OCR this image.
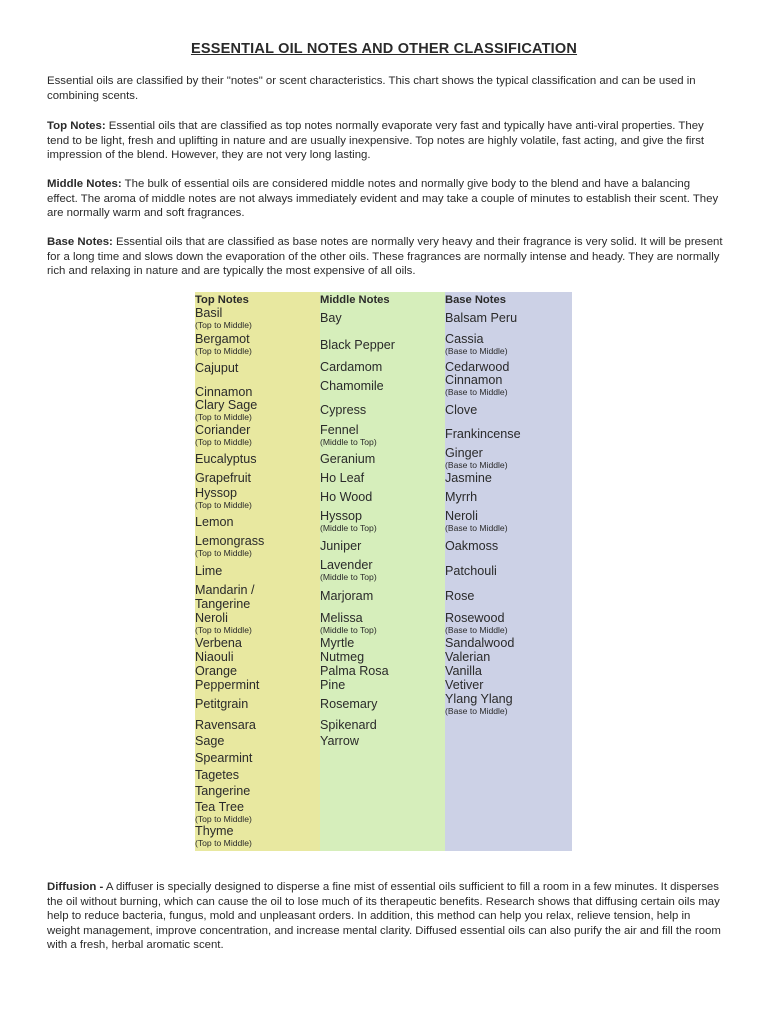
ESSENTIAL OIL NOTES AND OTHER CLASSIFICATION

Essential oils are classified by their "notes" or scent characteristics. This chart shows the typical classification and can be used in combining scents.

Top Notes: Essential oils that are classified as top notes normally evaporate very fast and typically have anti-viral properties. They tend to be light, fresh and uplifting in nature and are usually inexpensive. Top notes are highly volatile, fast acting, and give the first impression of the blend. However, they are not very long lasting.

Middle Notes: The bulk of essential oils are considered middle notes and normally give body to the blend and have a balancing effect. The aroma of middle notes are not always immediately evident and may take a couple of minutes to establish their scent. They are normally warm and soft fragrances.

Base Notes: Essential oils that are classified as base notes are normally very heavy and their fragrance is very solid. It will be present for a long time and slows down the evaporation of the other oils. These fragrances are normally intense and heady. They are normally rich and relaxing in nature and are typically the most expensive of all oils.

Top Notes
Basil
(Top to Middle)
Bergamot
(Top to Middle)
Cajuput
Cinnamon
Clary Sage
(Top to Middle)
Coriander
(Top to Middle)
Eucalyptus
Grapefruit
Hyssop
(Top to Middle)
Lemon
Lemongrass
(Top to Middle)
Lime
Mandarin /
Tangerine
Neroli
(Top to Middle)
Verbena
Niaouli
Orange
Peppermint
Petitgrain
Ravensara
Sage
Spearmint
Tagetes
Tangerine
Tea Tree
(Top to Middle)
Thyme
(Top to Middle)
Middle Notes
Bay
Black Pepper
Cardamom
Chamomile
Cypress
Fennel
(Middle to Top)
Geranium
Ho Leaf
Ho Wood
Hyssop
(Middle to Top)
Juniper
Lavender
(Middle to Top)
Marjoram
Melissa
(Middle to Top)
Myrtle
Nutmeg
Palma Rosa
Pine
Rosemary
Spikenard
Yarrow
Base Notes
Balsam Peru
Cassia
(Base to Middle)
Cedarwood
Cinnamon
(Base to Middle)
Clove
Frankincense
Ginger
(Base to Middle)
Jasmine
Myrrh
Neroli
(Base to Middle)
Oakmoss
Patchouli
Rose
Rosewood
(Base to Middle)
Sandalwood
Valerian
Vanilla
Vetiver
Ylang Ylang
(Base to Middle)

Diffusion - A diffuser is specially designed to disperse a fine mist of essential oils sufficient to fill a room in a few minutes. It disperses the oil without burning, which can cause the oil to lose much of its therapeutic benefits. Research shows that diffusing certain oils may help to reduce bacteria, fungus, mold and unpleasant orders. In addition, this method can help you relax, relieve tension, help in weight management, improve concentration, and increase mental clarity. Diffused essential oils can also purify the air and fill the room with a fresh, herbal aromatic scent.
